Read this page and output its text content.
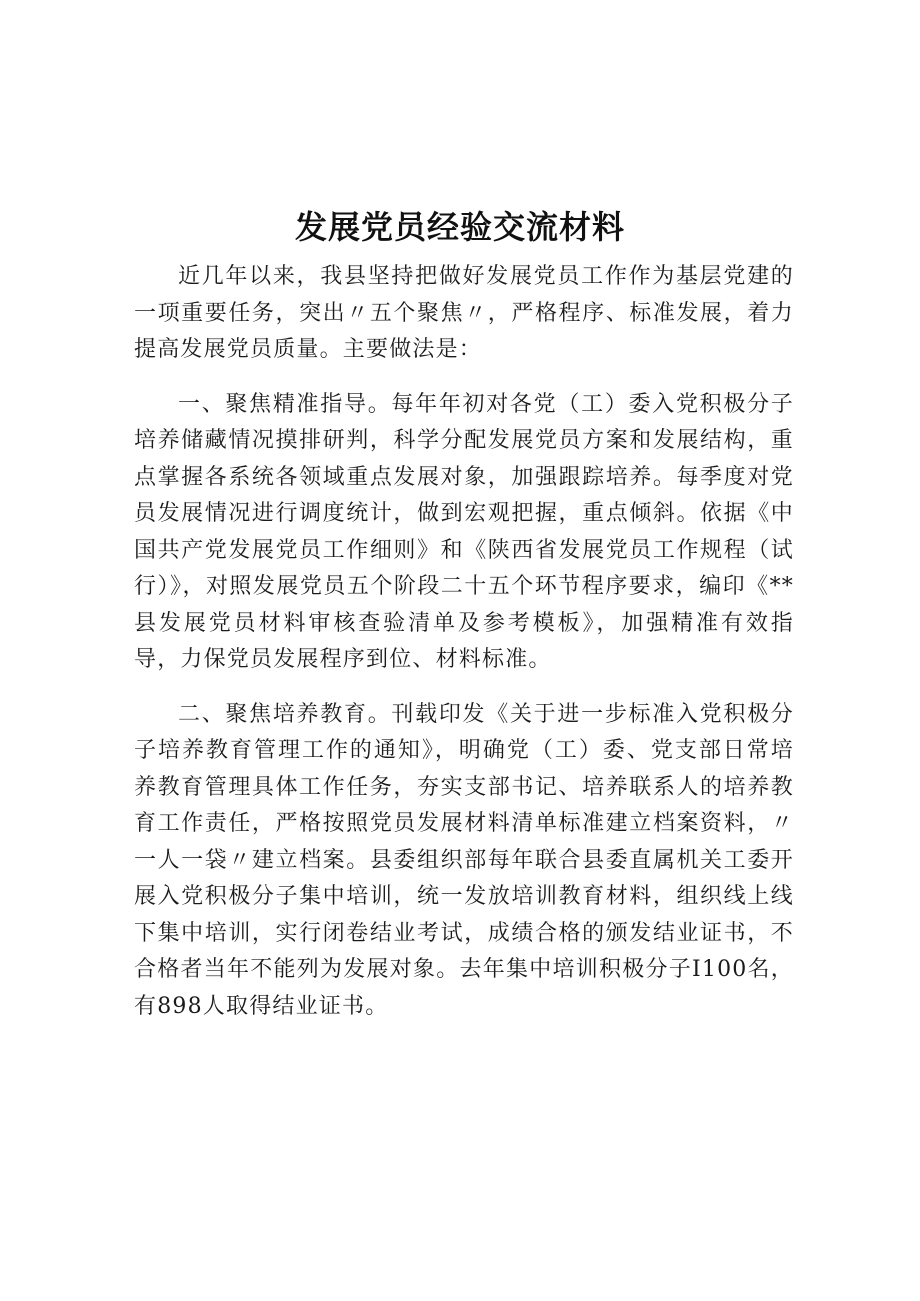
发展党员经验交流材料

近几年以来，我县坚持把做好发展党员工作作为基层党建的一项重要任务，突出〃五个聚焦〃，严格程序、标准发展，着力提高发展党员质量。主要做法是：

一、聚焦精准指导。每年年初对各党（工）委入党积极分子培养储藏情况摸排研判，科学分配发展党员方案和发展结构，重点掌握各系统各领域重点发展对象，加强跟踪培养。每季度对党员发展情况进行调度统计，做到宏观把握，重点倾斜。依据《中国共产党发展党员工作细则》和《陕西省发展党员工作规程（试行）》，对照发展党员五个阶段二十五个环节程序要求，编印《**县发展党员材料审核查验清单及参考模板》，加强精准有效指导，力保党员发展程序到位、材料标准。

二、聚焦培养教育。刊载印发《关于进一步标准入党积极分子培养教育管理工作的通知》，明确党（工）委、党支部日常培养教育管理具体工作任务，夯实支部书记、培养联系人的培养教育工作责任，严格按照党员发展材料清单标准建立档案资料，〃一人一袋〃建立档案。县委组织部每年联合县委直属机关工委开展入党积极分子集中培训，统一发放培训教育材料，组织线上线下集中培训，实行闭卷结业考试，成绩合格的颁发结业证书，不合格者当年不能列为发展对象。去年集中培训积极分子I100名，有898人取得结业证书。
